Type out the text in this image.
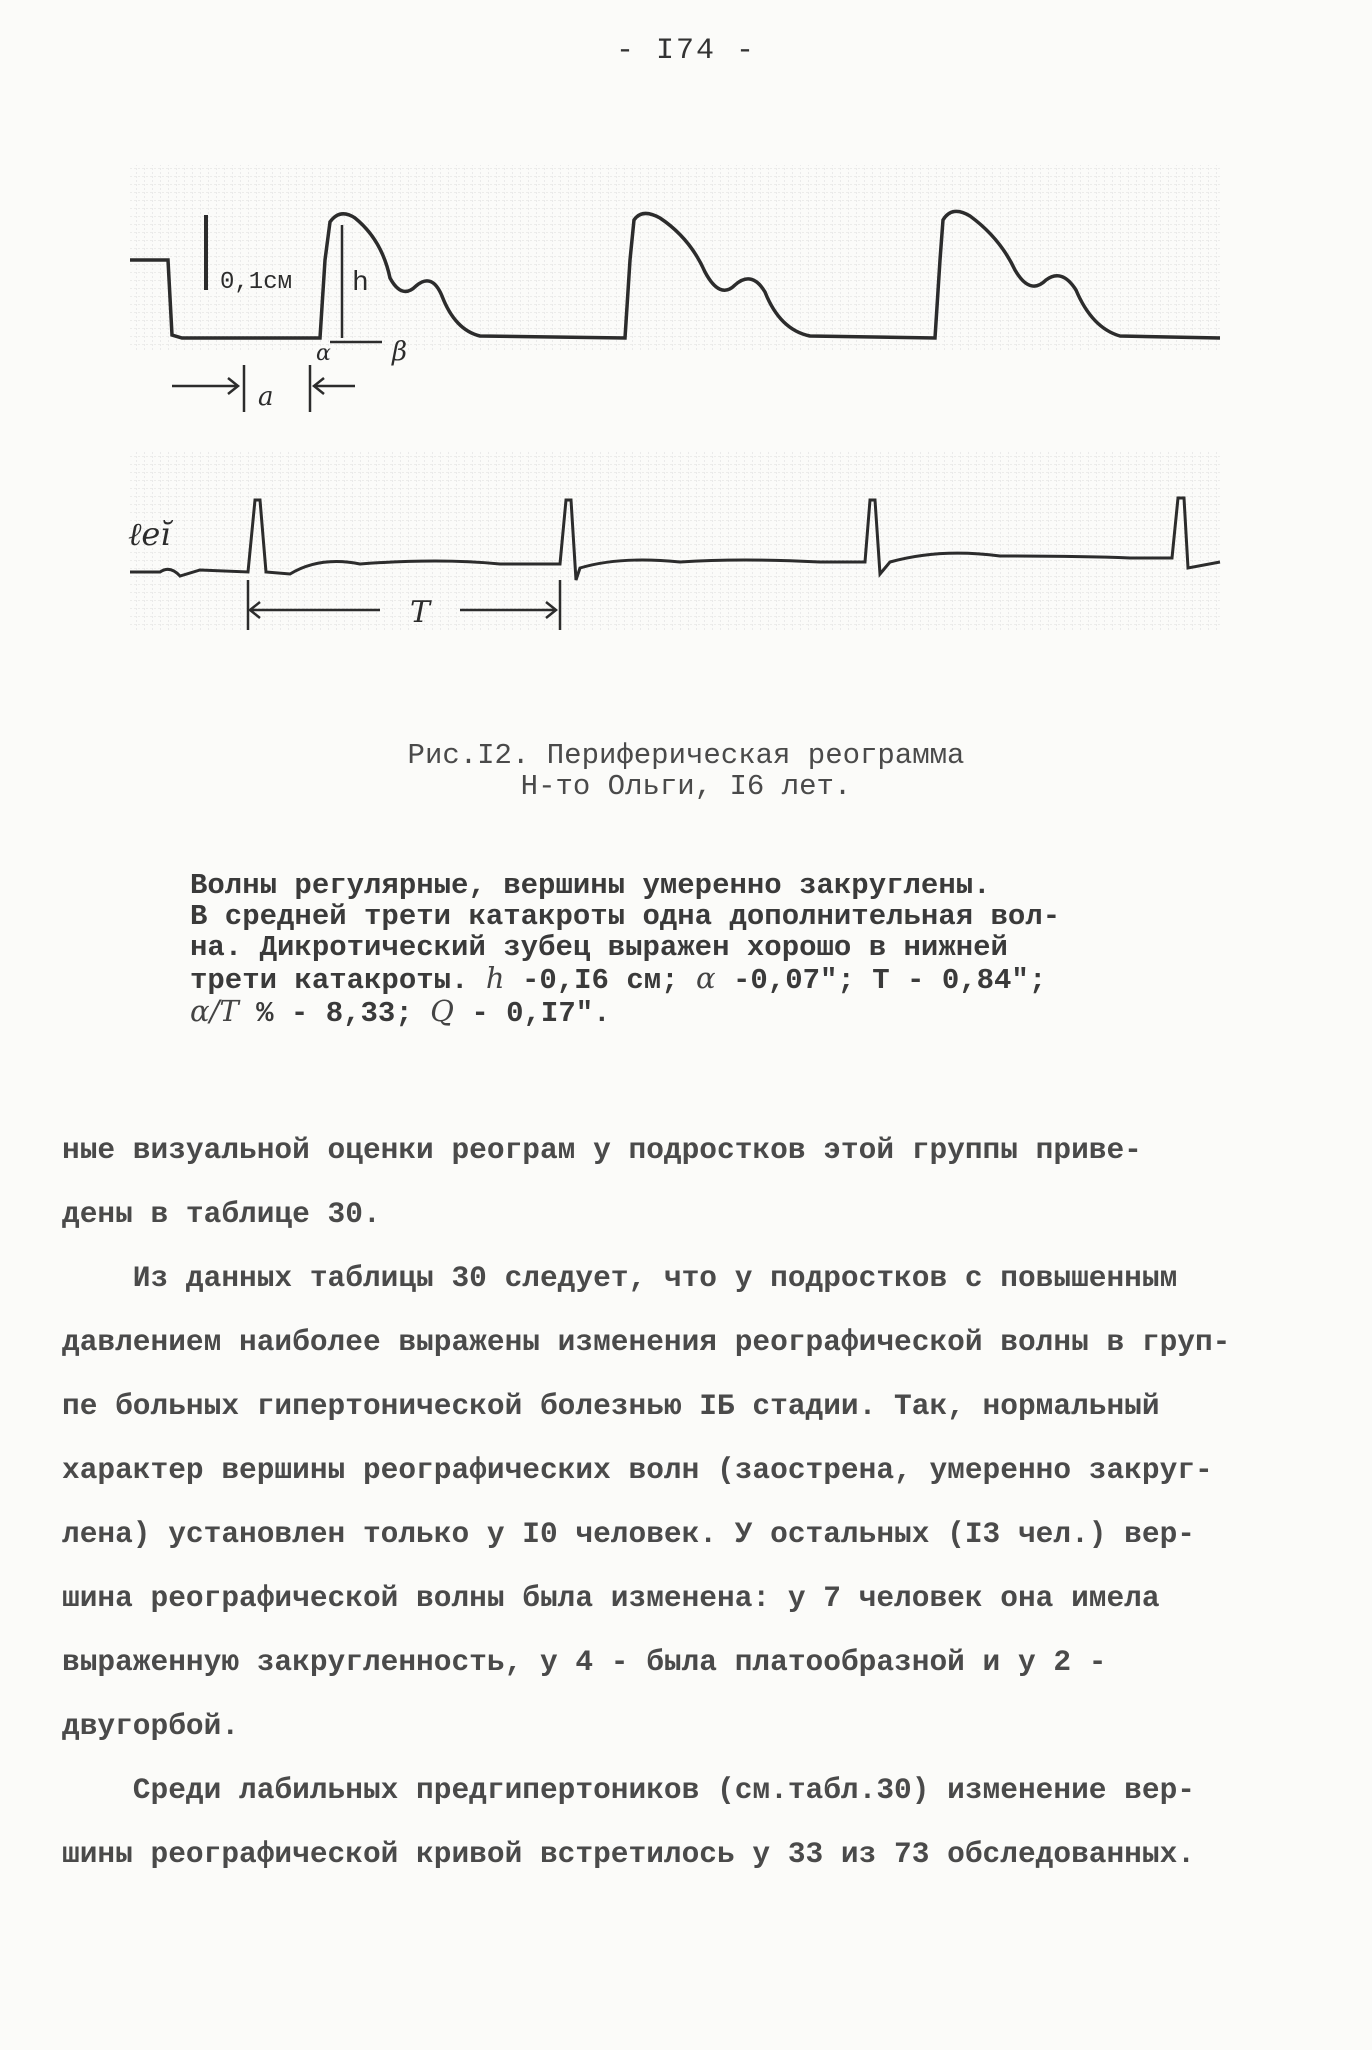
- I74 -
0,1см h
α β
a
ℓeĭ
T
Рис.I2. Периферическая реограмма
Н-то Ольги, I6 лет.
Волны регулярные, вершины умеренно закруглены.
В средней трети катакроты одна дополнительная вол-
на. Дикротический зубец выражен хорошо в нижней
трети катакроты. h -0,I6 см; α -0,07"; Т - 0,84";
α/T % - 8,33; Q - 0,I7".
ные визуальной оценки реограм у подростков этой группы приве-
дены в таблице 30.
Из данных таблицы 30 следует, что у подростков с повышенным
давлением наиболее выражены изменения реографической волны в груп-
пе больных гипертонической болезнью IБ стадии. Так, нормальный
характер вершины реографических волн (заострена, умеренно закруг-
лена) установлен только у I0 человек. У остальных (I3 чел.) вер-
шина реографической волны была изменена: у 7 человек она имела
выраженную закругленность, у 4 - была платообразной и у 2 -
двугорбой.
Среди лабильных предгипертоников (см.табл.30) изменение вер-
шины реографической кривой встретилось у 33 из 73 обследованных.
